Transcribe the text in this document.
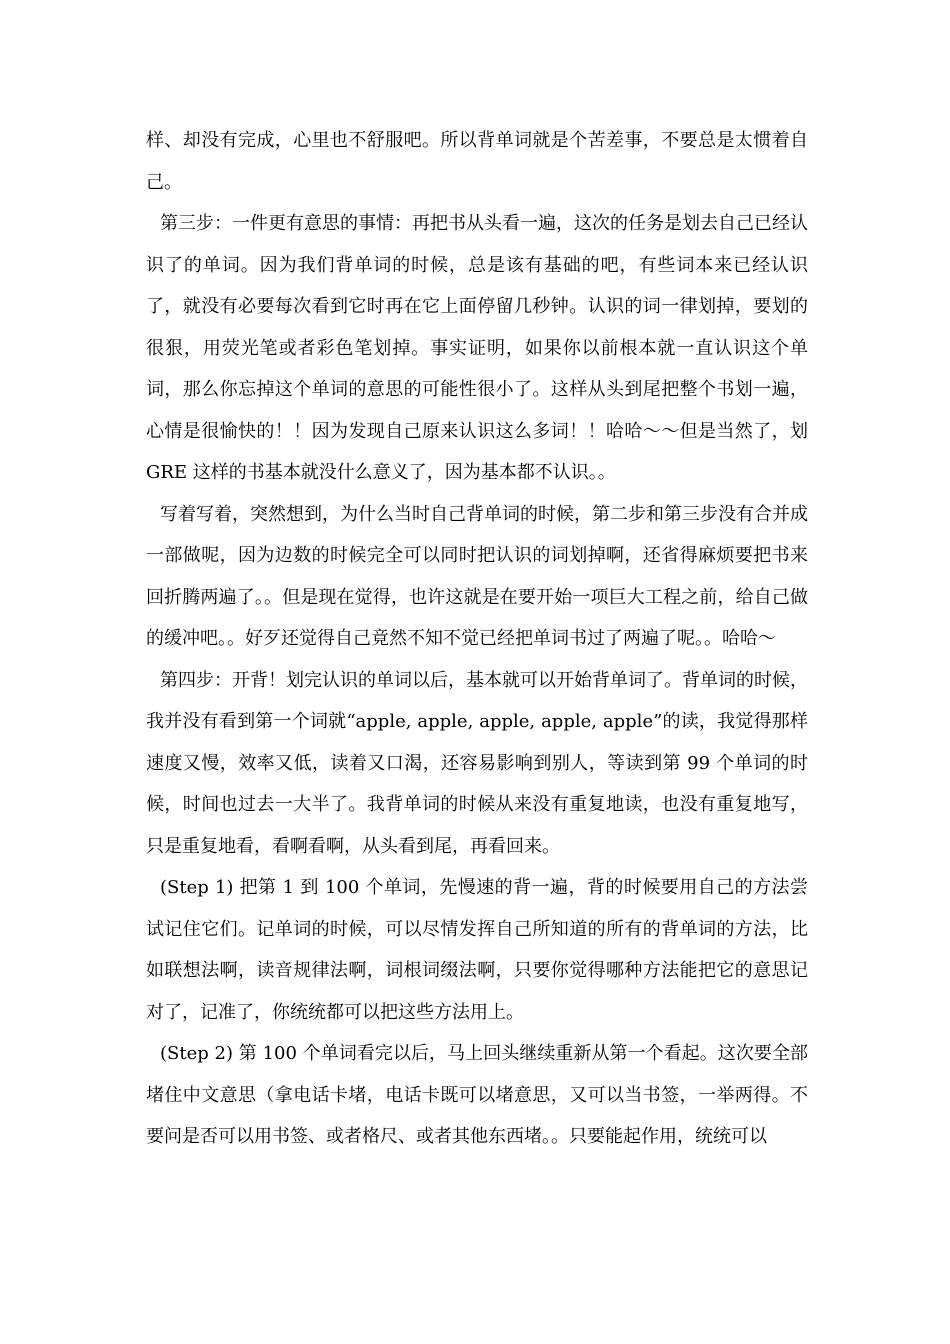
样、却没有完成，心里也不舒服吧。所以背单词就是个苦差事，不要总是太惯着自己。

第三步：一件更有意思的事情：再把书从头看一遍，这次的任务是划去自己已经认识了的单词。因为我们背单词的时候，总是该有基础的吧，有些词本来已经认识了，就没有必要每次看到它时再在它上面停留几秒钟。认识的词一律划掉，要划的很狠，用荧光笔或者彩色笔划掉。事实证明，如果你以前根本就一直认识这个单词，那么你忘掉这个单词的意思的可能性很小了。这样从头到尾把整个书划一遍，心情是很愉快的！！因为发现自己原来认识这么多词！！哈哈～～但是当然了，划 GRE 这样的书基本就没什么意义了，因为基本都不认识。。

写着写着，突然想到，为什么当时自己背单词的时候，第二步和第三步没有合并成一部做呢，因为边数的时候完全可以同时把认识的词划掉啊，还省得麻烦要把书来回折腾两遍了。。但是现在觉得，也许这就是在要开始一项巨大工程之前，给自己做的缓冲吧。。好歹还觉得自己竟然不知不觉已经把单词书过了两遍了呢。。哈哈～

第四步：开背！划完认识的单词以后，基本就可以开始背单词了。背单词的时候，我并没有看到第一个词就“apple, apple, apple, apple, apple”的读，我觉得那样速度又慢，效率又低，读着又口渴，还容易影响到别人，等读到第 99 个单词的时候，时间也过去一大半了。我背单词的时候从来没有重复地读，也没有重复地写，只是重复地看，看啊看啊，从头看到尾，再看回来。

(Step 1) 把第 1 到 100 个单词，先慢速的背一遍，背的时候要用自己的方法尝试记住它们。记单词的时候，可以尽情发挥自己所知道的所有的背单词的方法，比如联想法啊，读音规律法啊，词根词缀法啊，只要你觉得哪种方法能把它的意思记对了，记准了，你统统都可以把这些方法用上。

(Step 2) 第 100 个单词看完以后，马上回头继续重新从第一个看起。这次要全部堵住中文意思（拿电话卡堵，电话卡既可以堵意思，又可以当书签，一举两得。不要问是否可以用书签、或者格尺、或者其他东西堵。。只要能起作用，统统可以
